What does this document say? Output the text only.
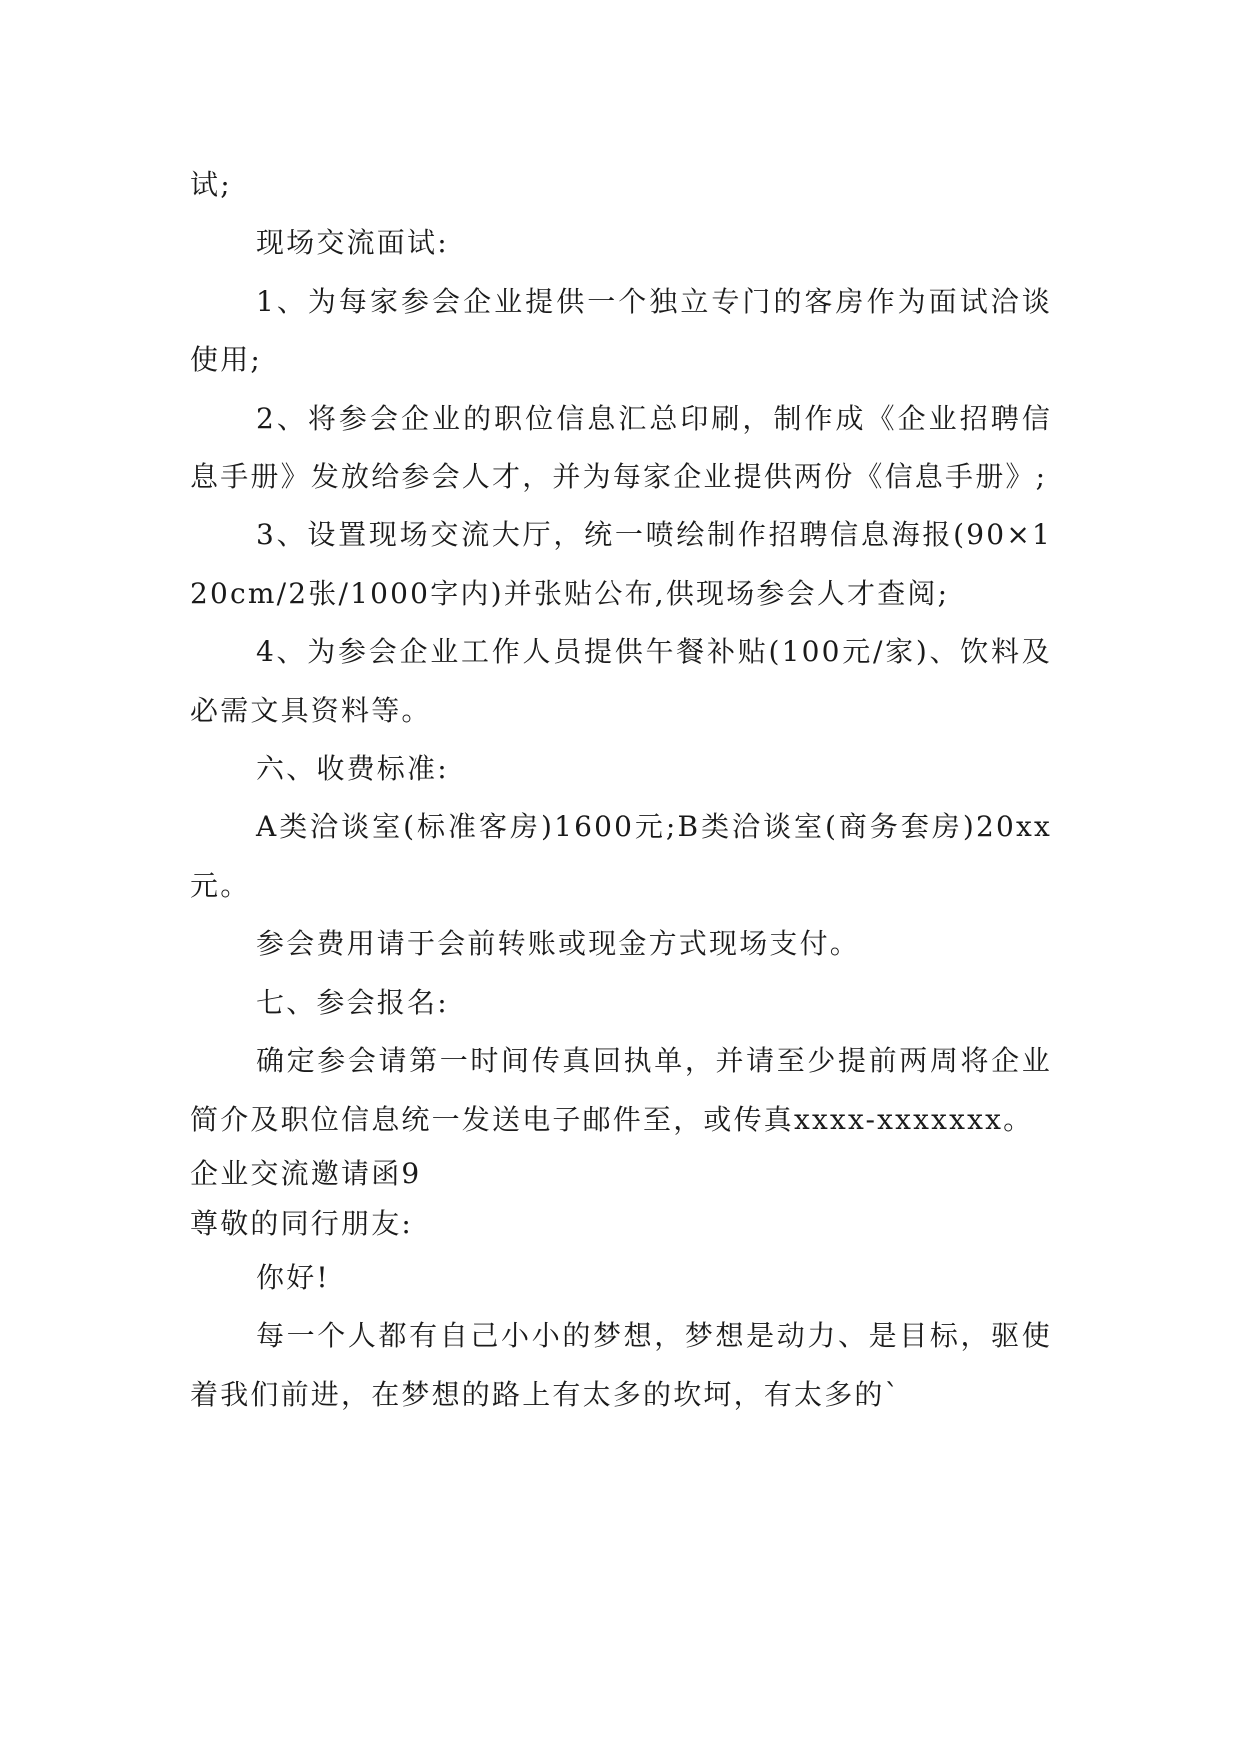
试;

现场交流面试:

1、为每家参会企业提供一个独立专门的客房作为面试洽谈使用;

2、将参会企业的职位信息汇总印刷，制作成《企业招聘信息手册》发放给参会人才，并为每家企业提供两份《信息手册》;

3、设置现场交流大厅，统一喷绘制作招聘信息海报(90×120cm/2张/1000字内)并张贴公布,供现场参会人才查阅;

4、为参会企业工作人员提供午餐补贴(100元/家)、饮料及必需文具资料等。

六、收费标准:

A类洽谈室(标准客房)1600元;B类洽谈室(商务套房)20xx元。

参会费用请于会前转账或现金方式现场支付。

七、参会报名:

确定参会请第一时间传真回执单，并请至少提前两周将企业简介及职位信息统一发送电子邮件至，或传真xxxx-xxxxxxx。

企业交流邀请函9

尊敬的同行朋友:

你好!

每一个人都有自己小小的梦想，梦想是动力、是目标，驱使着我们前进，在梦想的路上有太多的坎坷，有太多的`
